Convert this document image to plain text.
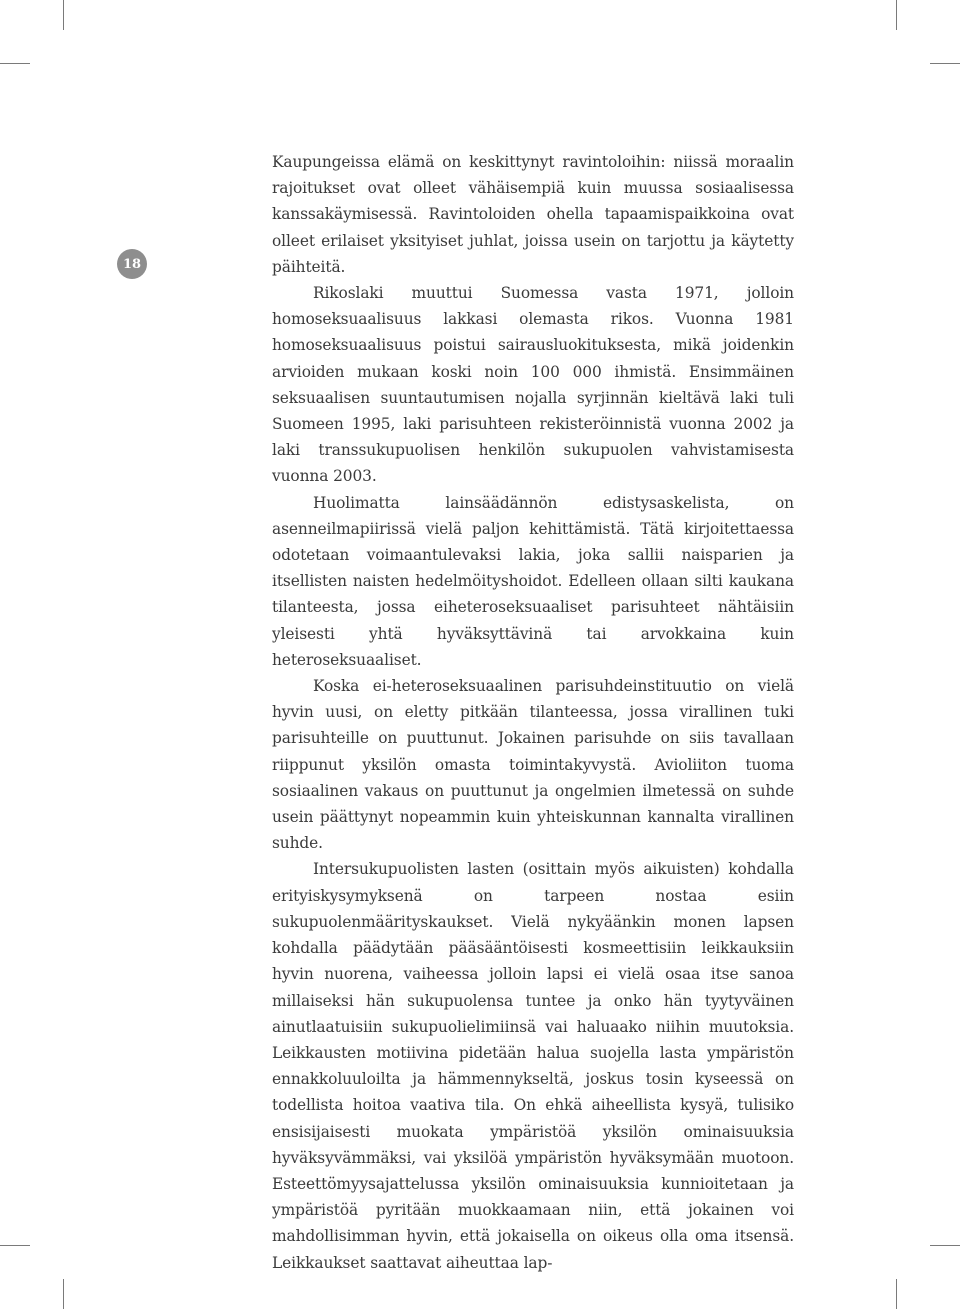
18

Kaupungeissa elämä on keskittynyt ravintoloihin: niissä moraalin rajoitukset ovat olleet vähäisempiä kuin muussa sosiaalisessa kanssakäymisessä. Ravintoloiden ohella tapaamispaikkoina ovat olleet erilaiset yksityiset juhlat, joissa usein on tarjottu ja käytetty päihteitä.

Rikoslaki muuttui Suomessa vasta 1971, jolloin homoseksuaalisuus lakkasi olemasta rikos. Vuonna 1981 homoseksuaalisuus poistui sairausluokituksesta, mikä joidenkin arvioiden mukaan koski noin 100 000 ihmistä. Ensimmäinen seksuaalisen suuntautumisen nojalla syrjinnän kieltävä laki tuli Suomeen 1995, laki parisuhteen rekisteröinnistä vuonna 2002 ja laki transsukupuolisen henkilön sukupuolen vahvistamisesta vuonna 2003.

Huolimatta lainsäädännön edistysaskelista, on asenneilmapiirissä vielä paljon kehittämistä. Tätä kirjoitettaessa odotetaan voimaantulevaksi lakia, joka sallii naisparien ja itsellisten naisten hedelmöityshoidot. Edelleen ollaan silti kaukana tilanteesta, jossa eiheteroseksuaaliset parisuhteet nähtäisiin yleisesti yhtä hyväksyttävinä tai arvokkaina kuin heteroseksuaaliset.

Koska ei-heteroseksuaalinen parisuhdeinstituutio on vielä hyvin uusi, on eletty pitkään tilanteessa, jossa virallinen tuki parisuhteille on puuttunut. Jokainen parisuhde on siis tavallaan riippunut yksilön omasta toimintakyvystä. Avioliiton tuoma sosiaalinen vakaus on puuttunut ja ongelmien ilmetessä on suhde usein päättynyt nopeammin kuin yhteiskunnan kannalta virallinen suhde.

Intersukupuolisten lasten (osittain myös aikuisten) kohdalla erityiskysymyksenä on tarpeen nostaa esiin sukupuolenmäärityskaukset. Vielä nykyäänkin monen lapsen kohdalla päädytään pääsääntöisesti kosmeettisiin leikkauksiin hyvin nuorena, vaiheessa jolloin lapsi ei vielä osaa itse sanoa millaiseksi hän sukupuolensa tuntee ja onko hän tyytyväinen ainutlaatuisiin sukupuolielimiinsä vai haluaako niihin muutoksia. Leikkausten motiivina pidetään halua suojella lasta ympäristön ennakkoluuloilta ja hämmennykseltä, joskus tosin kyseessä on todellista hoitoa vaativa tila. On ehkä aiheellista kysyä, tulisiko ensisijaisesti muokata ympäristöä yksilön ominaisuuksia hyväksyvämmäksi, vai yksilöä ympäristön hyväksymään muotoon. Esteettömyysajattelussa yksilön ominaisuuksia kunnioitetaan ja ympäristöä pyritään muokkaamaan niin, että jokainen voi mahdollisimman hyvin, että jokaisella on oikeus olla oma itsensä. Leikkaukset saattavat aiheuttaa lap-
